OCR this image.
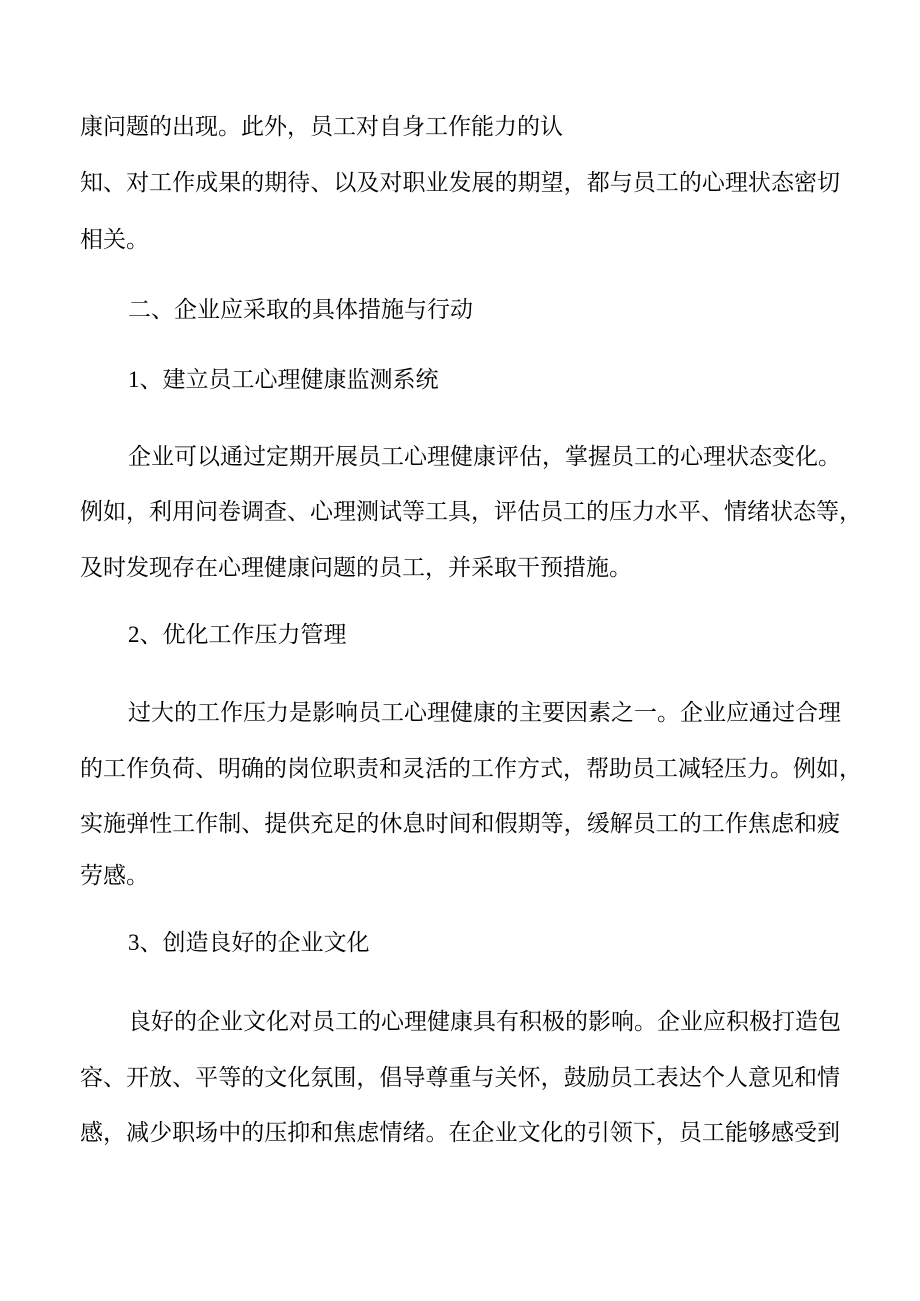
康问题的出现。此外，员工对自身工作能力的认
知、对工作成果的期待、以及对职业发展的期望，都与员工的心理状态密切
相关。
二、企业应采取的具体措施与行动
1、建立员工心理健康监测系统
企业可以通过定期开展员工心理健康评估，掌握员工的心理状态变化。
例如，利用问卷调查、心理测试等工具，评估员工的压力水平、情绪状态等，
及时发现存在心理健康问题的员工，并采取干预措施。
2、优化工作压力管理
过大的工作压力是影响员工心理健康的主要因素之一。企业应通过合理
的工作负荷、明确的岗位职责和灵活的工作方式，帮助员工减轻压力。例如，
实施弹性工作制、提供充足的休息时间和假期等，缓解员工的工作焦虑和疲
劳感。
3、创造良好的企业文化
良好的企业文化对员工的心理健康具有积极的影响。企业应积极打造包
容、开放、平等的文化氛围，倡导尊重与关怀，鼓励员工表达个人意见和情
感，减少职场中的压抑和焦虑情绪。在企业文化的引领下，员工能够感受到
